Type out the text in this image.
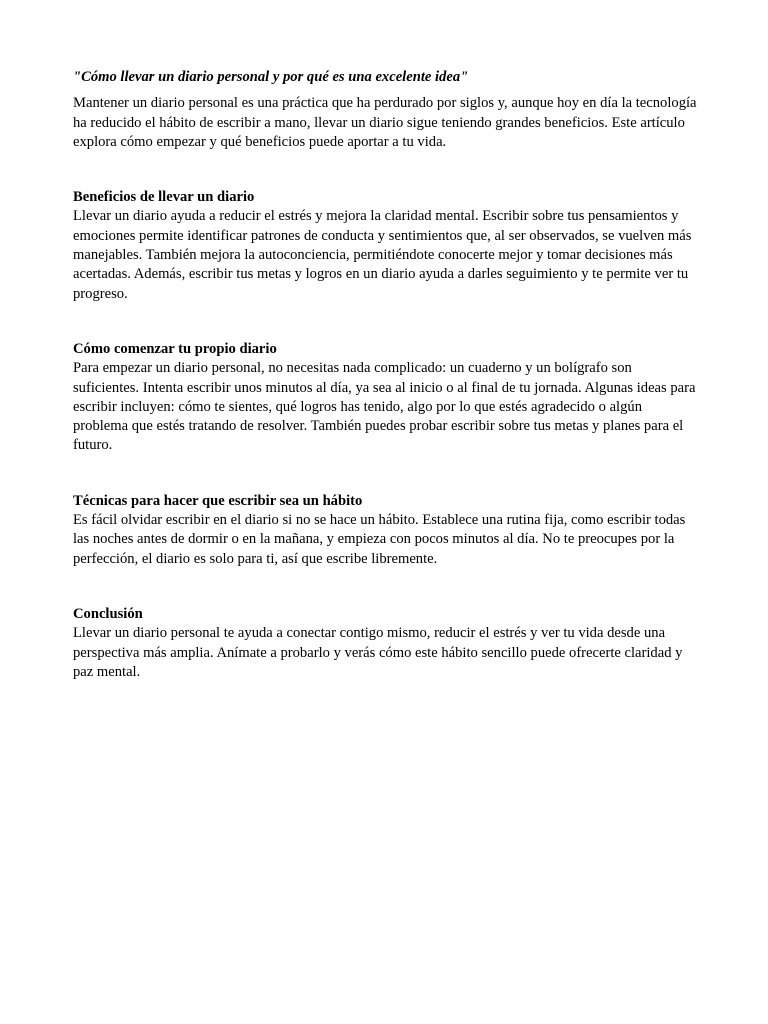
"Cómo llevar un diario personal y por qué es una excelente idea"

Mantener un diario personal es una práctica que ha perdurado por siglos y, aunque hoy en día la tecnología ha reducido el hábito de escribir a mano, llevar un diario sigue teniendo grandes beneficios. Este artículo explora cómo empezar y qué beneficios puede aportar a tu vida.

Beneficios de llevar un diario

Llevar un diario ayuda a reducir el estrés y mejora la claridad mental. Escribir sobre tus pensamientos y emociones permite identificar patrones de conducta y sentimientos que, al ser observados, se vuelven más manejables. También mejora la autoconciencia, permitiéndote conocerte mejor y tomar decisiones más acertadas. Además, escribir tus metas y logros en un diario ayuda a darles seguimiento y te permite ver tu progreso.

Cómo comenzar tu propio diario

Para empezar un diario personal, no necesitas nada complicado: un cuaderno y un bolígrafo son suficientes. Intenta escribir unos minutos al día, ya sea al inicio o al final de tu jornada. Algunas ideas para escribir incluyen: cómo te sientes, qué logros has tenido, algo por lo que estés agradecido o algún problema que estés tratando de resolver. También puedes probar escribir sobre tus metas y planes para el futuro.

Técnicas para hacer que escribir sea un hábito

Es fácil olvidar escribir en el diario si no se hace un hábito. Establece una rutina fija, como escribir todas las noches antes de dormir o en la mañana, y empieza con pocos minutos al día. No te preocupes por la perfección, el diario es solo para ti, así que escribe libremente.

Conclusión

Llevar un diario personal te ayuda a conectar contigo mismo, reducir el estrés y ver tu vida desde una perspectiva más amplia. Anímate a probarlo y verás cómo este hábito sencillo puede ofrecerte claridad y paz mental.
